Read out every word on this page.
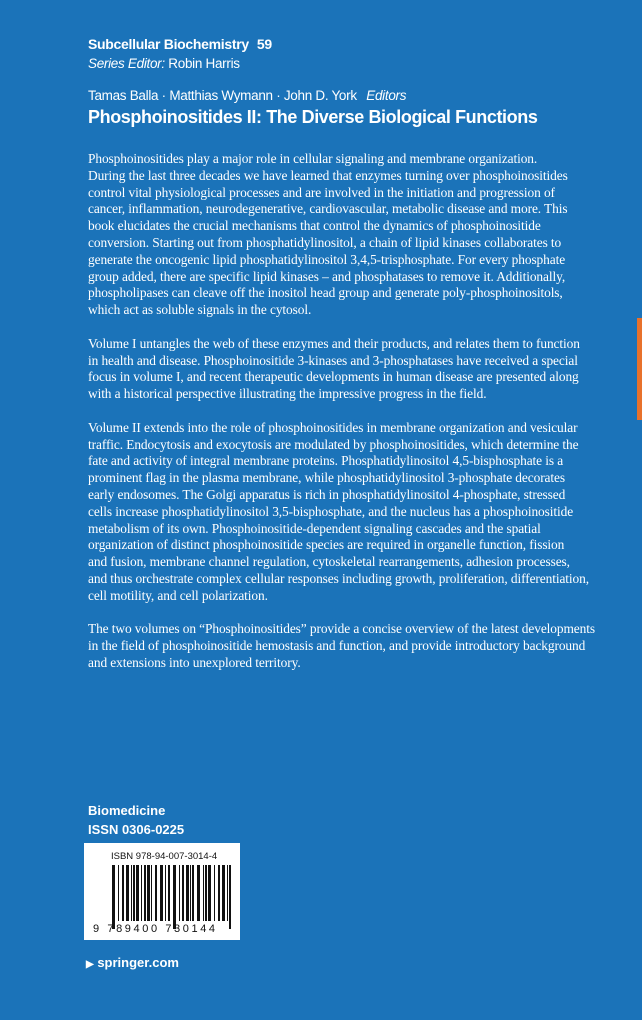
Subcellular Biochemistry 59
Series Editor: Robin Harris
Tamas Balla · Matthias Wymann · John D. York Editors
Phosphoinositides II: The Diverse Biological Functions
Phosphoinositides play a major role in cellular signaling and membrane organization.
During the last three decades we have learned that enzymes turning over phosphoinositides
control vital physiological processes and are involved in the initiation and progression of
cancer, inflammation, neurodegenerative, cardiovascular, metabolic disease and more. This
book elucidates the crucial mechanisms that control the dynamics of phosphoinositide
conversion. Starting out from phosphatidylinositol, a chain of lipid kinases collaborates to
generate the oncogenic lipid phosphatidylinositol 3,4,5-trisphosphate. For every phosphate
group added, there are specific lipid kinases – and phosphatases to remove it. Additionally,
phospholipases can cleave off the inositol head group and generate poly-phosphoinositols,
which act as soluble signals in the cytosol.
Volume I untangles the web of these enzymes and their products, and relates them to function
in health and disease. Phosphoinositide 3-kinases and 3-phosphatases have received a special
focus in volume I, and recent therapeutic developments in human disease are presented along
with a historical perspective illustrating the impressive progress in the field.
Volume II extends into the role of phosphoinositides in membrane organization and vesicular
traffic. Endocytosis and exocytosis are modulated by phosphoinositides, which determine the
fate and activity of integral membrane proteins. Phosphatidylinositol 4,5-bisphosphate is a
prominent flag in the plasma membrane, while phosphatidylinositol 3-phosphate decorates
early endosomes. The Golgi apparatus is rich in phosphatidylinositol 4-phosphate, stressed
cells increase phosphatidylinositol 3,5-bisphosphate, and the nucleus has a phosphoinositide
metabolism of its own. Phosphoinositide-dependent signaling cascades and the spatial
organization of distinct phosphoinositide species are required in organelle function, fission
and fusion, membrane channel regulation, cytoskeletal rearrangements, adhesion processes,
and thus orchestrate complex cellular responses including growth, proliferation, differentiation,
cell motility, and cell polarization.
The two volumes on “Phosphoinositides” provide a concise overview of the latest developments
in the field of phosphoinositide hemostasis and function, and provide introductory background
and extensions into unexplored territory.
Biomedicine
ISSN 0306-0225
ISBN 978-94-007-3014-4
9 789400 730144
▶ springer.com
